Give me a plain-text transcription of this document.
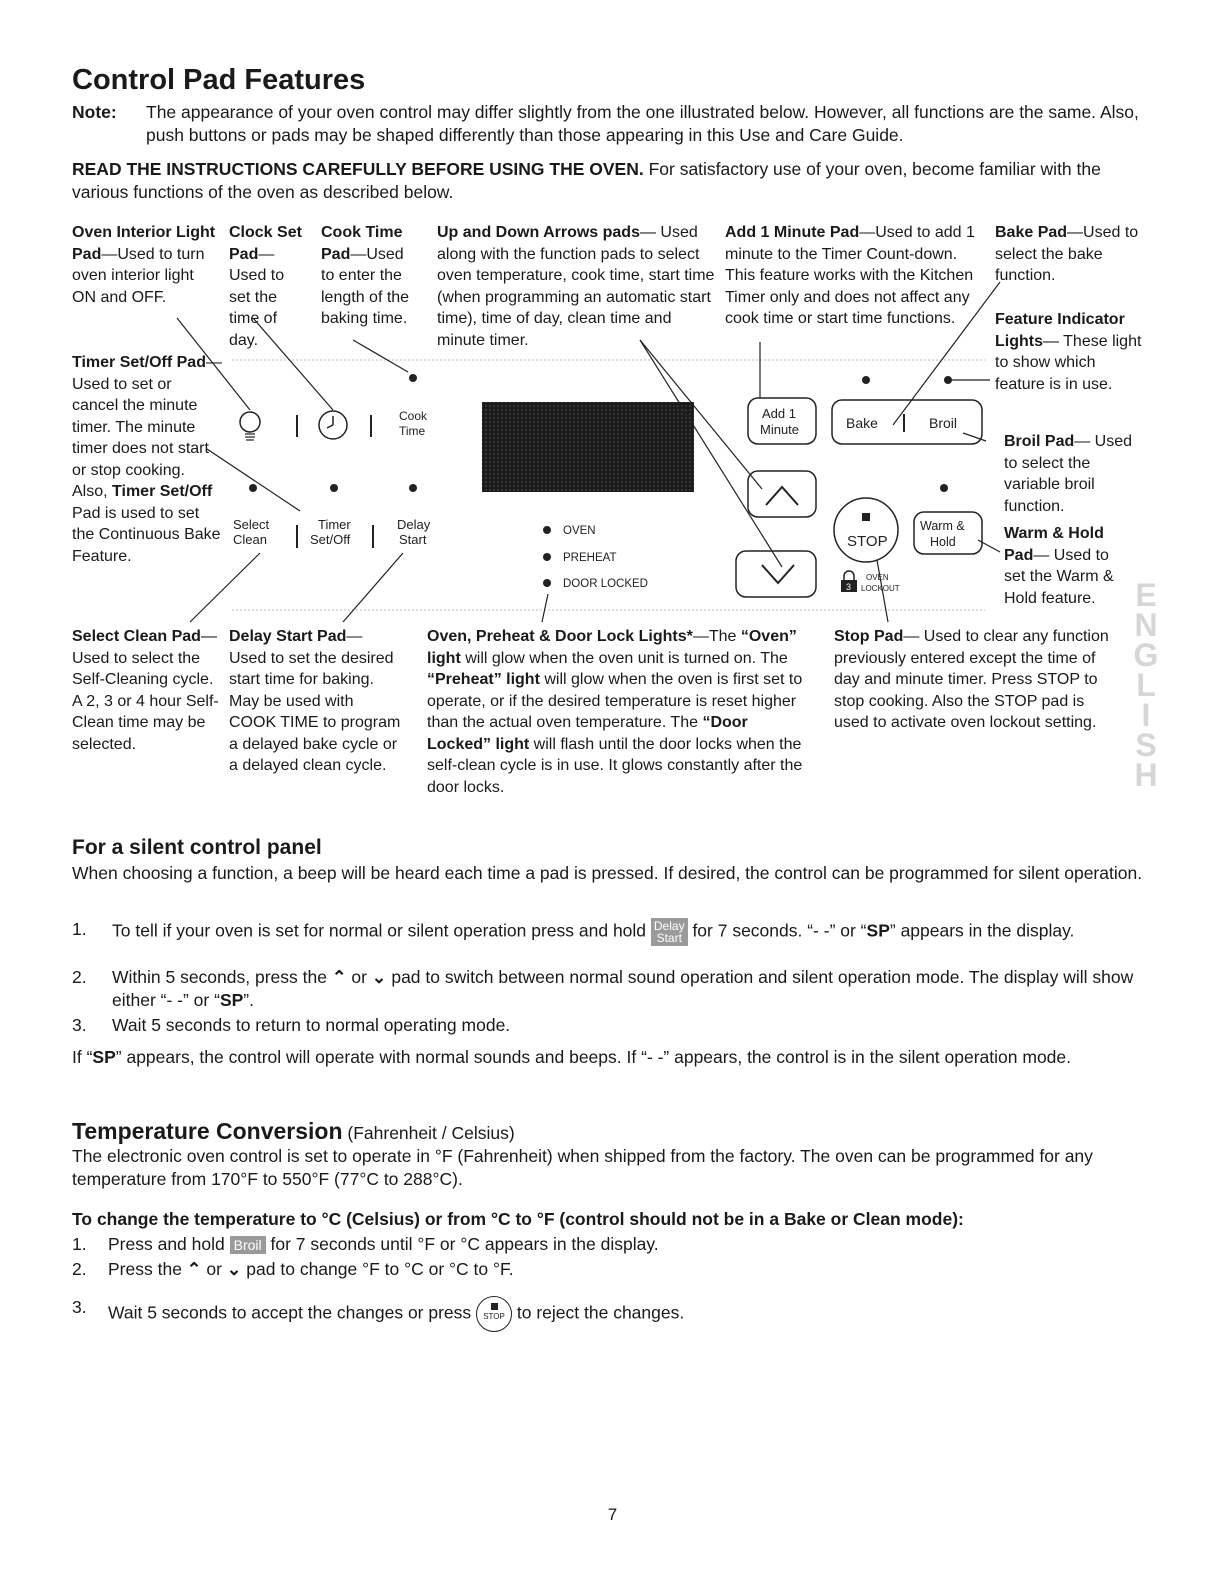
Control Pad Features
Note: The appearance of your oven control may differ slightly from the one illustrated below. However, all functions are the same. Also, push buttons or pads may be shaped differently than those appearing in this Use and Care Guide.
READ THE INSTRUCTIONS CAREFULLY BEFORE USING THE OVEN. For satisfactory use of your oven, become familiar with the various functions of the oven as described below.
Oven Interior Light Pad—Used to turn oven interior light ON and OFF.
Clock Set Pad— Used to set the time of day.
Cook Time Pad—Used to enter the length of the baking time.
Up and Down Arrows pads— Used along with the function pads to select oven temperature, cook time, start time (when programming an automatic start time), time of day, clean time and minute timer.
Add 1 Minute Pad—Used to add 1 minute to the Timer Count-down. This feature works with the Kitchen Timer only and does not affect any cook time or start time functions.
Bake Pad—Used to select the bake function.
Feature Indicator Lights— These light to show which feature is in use.
Timer Set/Off Pad—Used to set or cancel the minute timer. The minute timer does not start or stop cooking. Also, Timer Set/Off Pad is used to set the Continuous Bake Feature.
Broil Pad— Used to select the variable broil function.
Warm & Hold Pad— Used to set the Warm & Hold feature.
Select Clean Pad— Used to select the Self-Cleaning cycle. A 2, 3 or 4 hour Self-Clean time may be selected.
Delay Start Pad— Used to set the desired start time for baking. May be used with COOK TIME to program a delayed bake cycle or a delayed clean cycle.
Oven, Preheat & Door Lock Lights*—The “Oven” light will glow when the oven unit is turned on. The “Preheat” light will glow when the oven is first set to operate, or if the desired temperature is reset higher than the actual oven temperature. The “Door Locked” light will flash until the door locks when the self-clean cycle is in use. It glows constantly after the door locks.
Stop Pad— Used to clear any function previously entered except the time of day and minute timer. Press STOP to stop cooking. Also the STOP pad is used to activate oven lockout setting.
Cook
Time
Add 1
Minute	Bake	Broil
Select
Clean
Timer
Set/Off
Delay
Start
OVEN
PREHEAT
DOOR LOCKED
STOP
Warm &
Hold
3
OVEN
LOCKOUT	E
N
G
L
I
S
H
For a silent control panel
When choosing a function, a beep will be heard each time a pad is pressed. If desired, the control can be programmed for silent operation.
1. To tell if your oven is set for normal or silent operation press and hold Delay
Start for 7 seconds. “- -” or “SP” appears in the display.
2. Within 5 seconds, press the ⌃ or ⌄ pad to switch between normal sound operation and silent operation mode. The display will show either “- -” or “SP”.
3. Wait 5 seconds to return to normal operating mode.
If “SP” appears, the control will operate with normal sounds and beeps. If “- -” appears, the control is in the silent operation mode.
Temperature Conversion (Fahrenheit / Celsius)
The electronic oven control is set to operate in °F (Fahrenheit) when shipped from the factory. The oven can be programmed for any temperature from 170°F to 550°F (77°C to 288°C).
To change the temperature to °C (Celsius) or from °C to °F (control should not be in a Bake or Clean mode):
1. Press and hold Broil for 7 seconds until °F or °C appears in the display.
2. Press the ⌃ or ⌄ pad to change °F to °C or °C to °F.
3. Wait 5 seconds to accept the changes or press
STOP to reject the changes.
7
